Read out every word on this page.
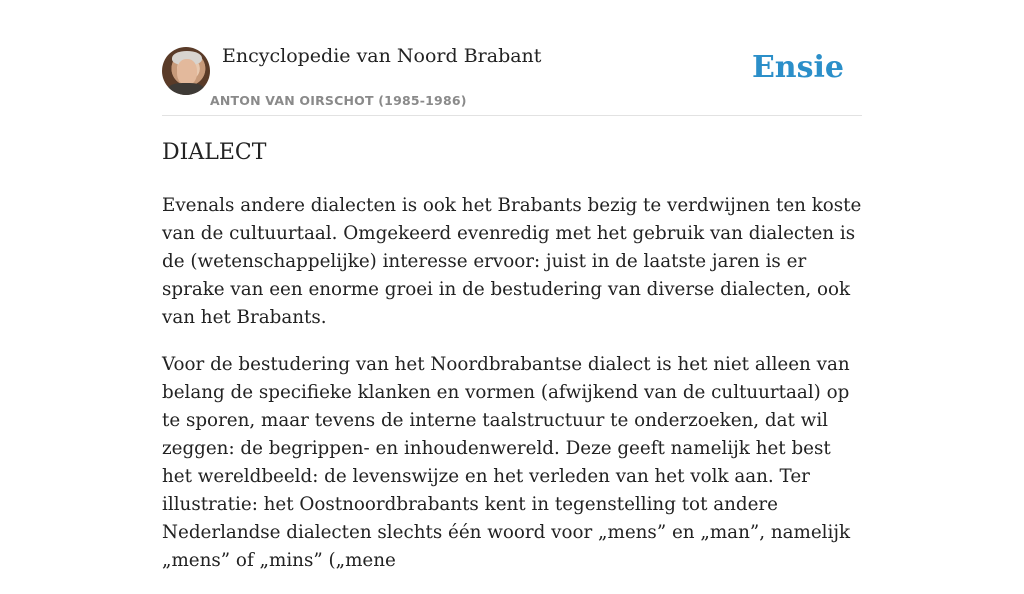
Encyclopedie van Noord Brabant
ANTON VAN OIRSCHOT (1985-1986)
Ensie
DIALECT

Evenals andere dialecten is ook het Brabants bezig te verdwijnen ten koste van de cultuurtaal. Omgekeerd evenredig met het gebruik van dialecten is de (wetenschappelijke) interesse ervoor: juist in de laatste jaren is er sprake van een enorme groei in de bestudering van diverse dialecten, ook van het Brabants.

Voor de bestudering van het Noordbrabantse dialect is het niet alleen van belang de specifieke klanken en vormen (afwijkend van de cultuurtaal) op te sporen, maar tevens de interne taalstructuur te onderzoeken, dat wil zeggen: de begrippen- en inhoudenwereld. Deze geeft namelijk het best het wereldbeeld: de levenswijze en het verleden van het volk aan. Ter illustratie: het Oostnoordbrabants kent in tegenstelling tot andere Nederlandse dialecten slechts één woord voor „mens” en „man”, namelijk „mens” of „mins” („mene
